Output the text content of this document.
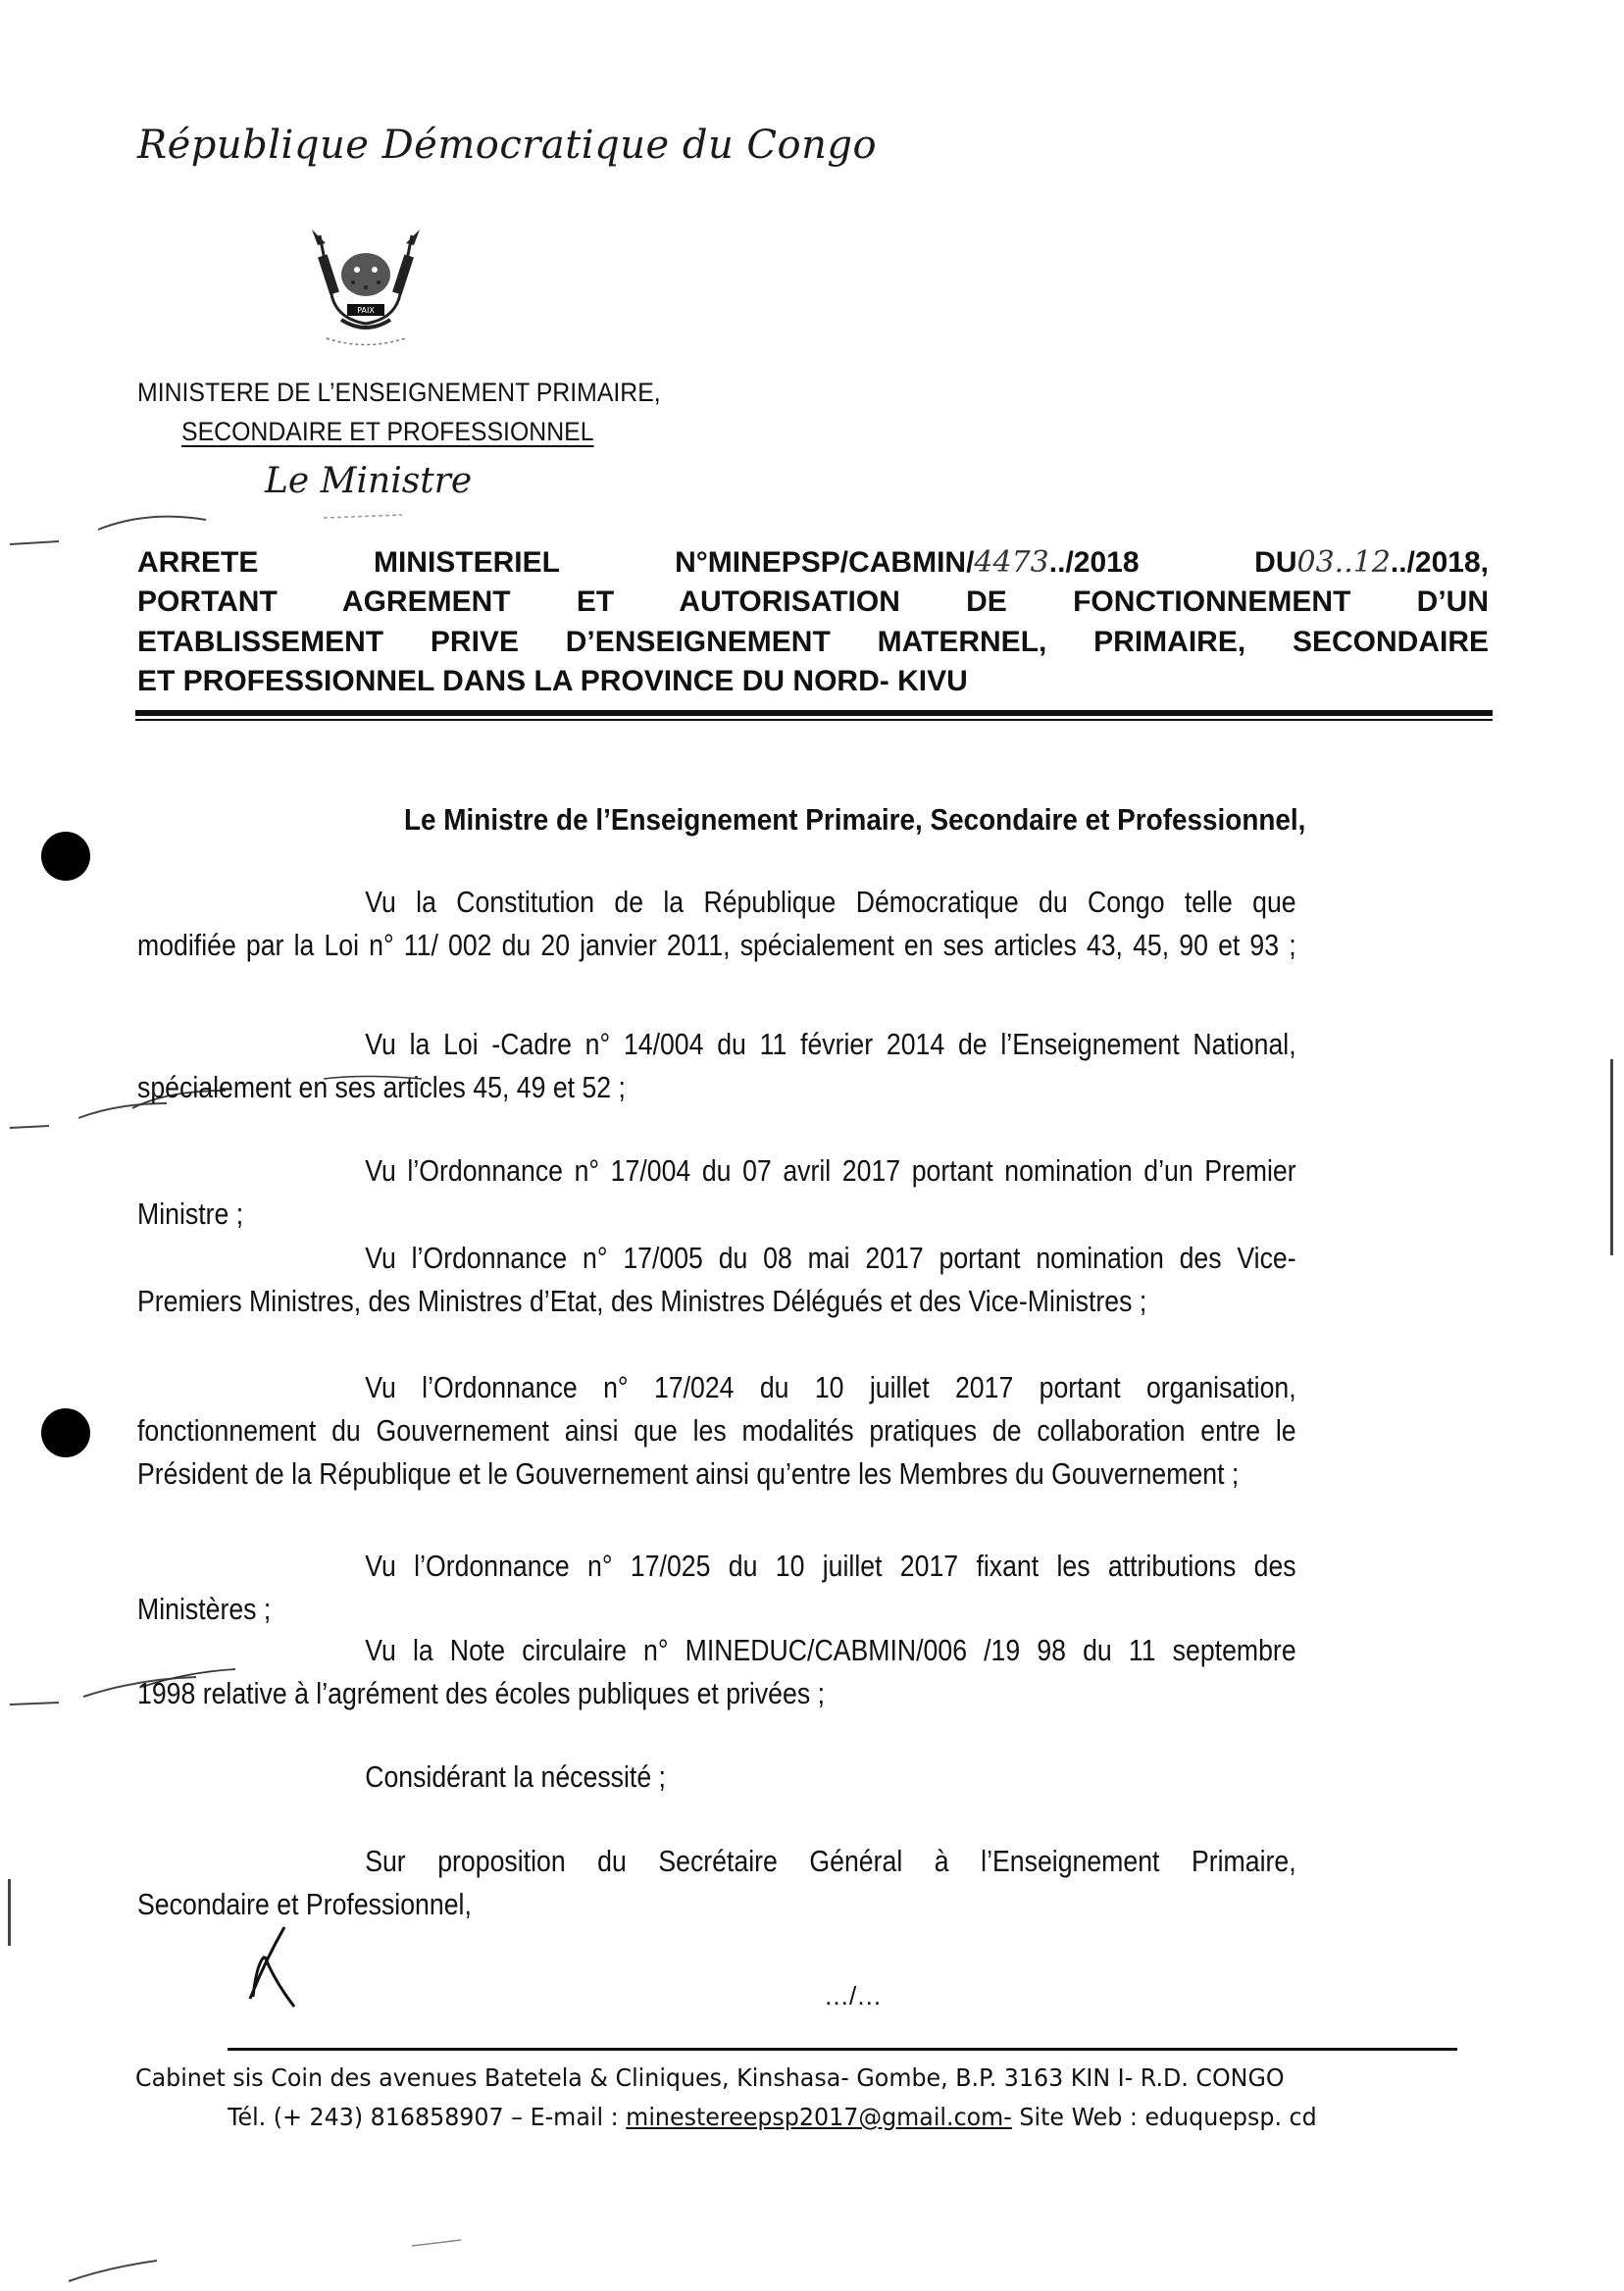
République Démocratique du Congo
PAIX
MINISTERE DE L’ENSEIGNEMENT PRIMAIRE,
SECONDAIRE ET PROFESSIONNEL
Le Ministre
ARRETE	MINISTERIEL	N°MINEPSP/CABMIN/4473../2018	DU03..12../2018,
PORTANT AGREMENT ET AUTORISATION DE FONCTIONNEMENT D’UN
ETABLISSEMENT PRIVE D’ENSEIGNEMENT MATERNEL, PRIMAIRE, SECONDAIRE
ET PROFESSIONNEL DANS LA PROVINCE DU NORD- KIVU
Le Ministre de l’Enseignement Primaire, Secondaire et Professionnel,
Vu la Constitution de la République Démocratique du Congo telle que
modifiée par la Loi n° 11/ 002 du 20 janvier 2011, spécialement en ses articles 43, 45, 90 et 93 ;
Vu la Loi -Cadre n° 14/004 du 11 février 2014 de l’Enseignement National,
spécialement en ses articles 45, 49 et 52 ;
Vu l’Ordonnance n° 17/004 du 07 avril 2017 portant nomination d’un Premier
Ministre ;
Vu l’Ordonnance n° 17/005 du 08 mai 2017 portant nomination des Vice-
Premiers Ministres, des Ministres d’Etat, des Ministres Délégués et des Vice-Ministres ;
Vu l’Ordonnance n° 17/024 du 10 juillet 2017 portant organisation,
fonctionnement du Gouvernement ainsi que les modalités pratiques de collaboration entre le
Président de la République et le Gouvernement ainsi qu’entre les Membres du Gouvernement ;
Vu l’Ordonnance n° 17/025 du 10 juillet 2017 fixant les attributions des
Ministères ;
Vu la Note circulaire n° MINEDUC/CABMIN/006 /19 98 du 11 septembre
1998 relative à l’agrément des écoles publiques et privées ;
Considérant la nécessité ;
Sur proposition du Secrétaire Général à l’Enseignement Primaire,
Secondaire et Professionnel,
…/…
Cabinet sis Coin des avenues Batetela & Cliniques, Kinshasa- Gombe, B.P. 3163 KIN I- R.D. CONGO
Tél. (+ 243) 816858907 – E-mail : minestereepsp2017@gmail.com- Site Web : eduquepsp. cd
